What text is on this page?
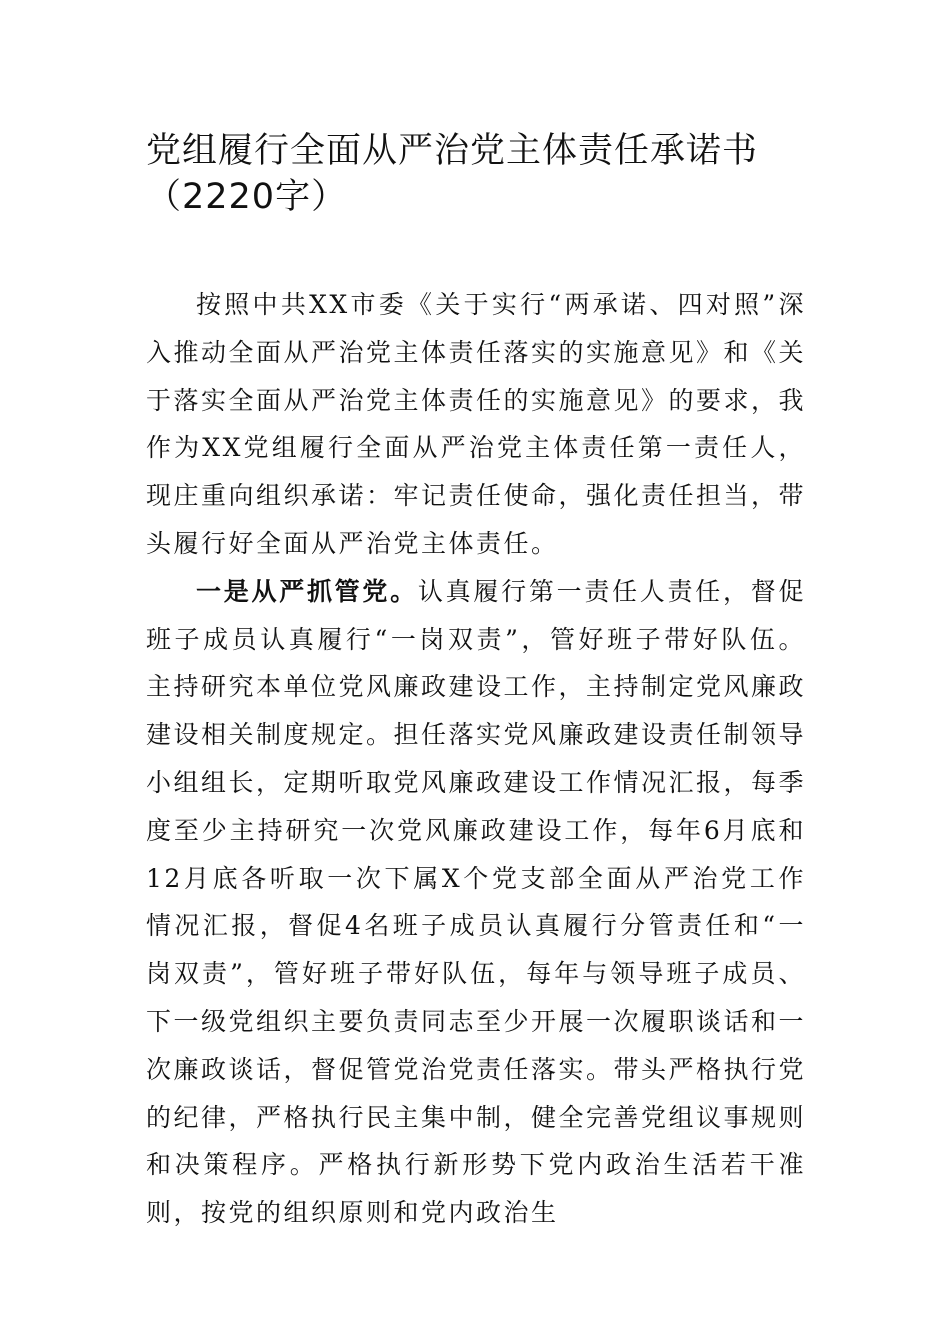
党组履行全面从严治党主体责任承诺书
（2220字）

按照中共XX市委《关于实行“两承诺、四对照”深入推动全面从严治党主体责任落实的实施意见》和《关于落实全面从严治党主体责任的实施意见》的要求，我作为XX党组履行全面从严治党主体责任第一责任人，现庄重向组织承诺：牢记责任使命，强化责任担当，带头履行好全面从严治党主体责任。

一是从严抓管党。认真履行第一责任人责任，督促班子成员认真履行“一岗双责”，管好班子带好队伍。主持研究本单位党风廉政建设工作，主持制定党风廉政建设相关制度规定。担任落实党风廉政建设责任制领导小组组长，定期听取党风廉政建设工作情况汇报，每季度至少主持研究一次党风廉政建设工作，每年6月底和12月底各听取一次下属X个党支部全面从严治党工作情况汇报，督促4名班子成员认真履行分管责任和“一岗双责”，管好班子带好队伍，每年与领导班子成员、下一级党组织主要负责同志至少开展一次履职谈话和一次廉政谈话，督促管党治党责任落实。带头严格执行党的纪律，严格执行民主集中制，健全完善党组议事规则和决策程序。严格执行新形势下党内政治生活若干准则，按党的组织原则和党内政治生
